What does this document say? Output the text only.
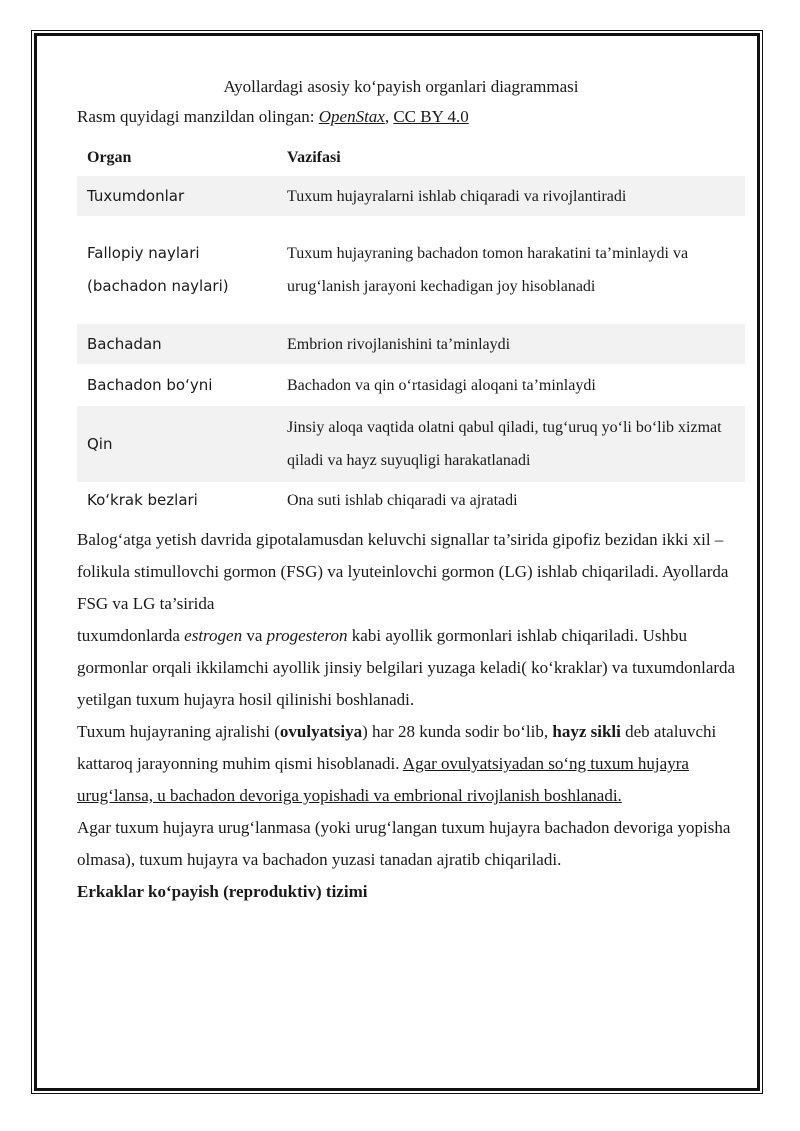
Ayollardagi asosiy ko‘payish organlari diagrammasi

Rasm quyidagi manzildan olingan: OpenStax, CC BY 4.0

Organ	Vazifasi
Tuxumdonlar	Tuxum hujayralarni ishlab chiqaradi va rivojlantiradi
Fallopiy naylari (bachadon naylari)	Tuxum hujayraning bachadon tomon harakatini ta’minlaydi va urug‘lanish jarayoni kechadigan joy hisoblanadi
Bachadan	Embrion rivojlanishini ta’minlaydi
Bachadon bo‘yni	Bachadon va qin o‘rtasidagi aloqani ta’minlaydi
Qin	Jinsiy aloqa vaqtida olatni qabul qiladi, tug‘uruq yo‘li bo‘lib xizmat qiladi va hayz suyuqligi harakatlanadi
Ko‘krak bezlari	Ona suti ishlab chiqaradi va ajratadi

Balog‘atga yetish davrida gipotalamusdan keluvchi signallar ta’sirida gipofiz bezidan ikki xil – folikula stimullovchi gormon (FSG) va lyuteinlovchi gormon (LG) ishlab chiqariladi. Ayollarda FSG va LG ta’sirida
tuxumdonlarda estrogen va progesteron kabi ayollik gormonlari ishlab chiqariladi. Ushbu gormonlar orqali ikkilamchi ayollik jinsiy belgilari yuzaga keladi( ko‘kraklar) va tuxumdonlarda yetilgan tuxum hujayra hosil qilinishi boshlanadi.

Tuxum hujayraning ajralishi (ovulyatsiya) har 28 kunda sodir bo‘lib, hayz sikli deb ataluvchi kattaroq jarayonning muhim qismi hisoblanadi. Agar ovulyatsiyadan so‘ng tuxum hujayra urug‘lansa, u bachadon devoriga yopishadi va embrional rivojlanish boshlanadi.

Agar tuxum hujayra urug‘lanmasa (yoki urug‘langan tuxum hujayra bachadon devoriga yopisha olmasa), tuxum hujayra va bachadon yuzasi tanadan ajratib chiqariladi.

Erkaklar ko‘payish (reproduktiv) tizimi
